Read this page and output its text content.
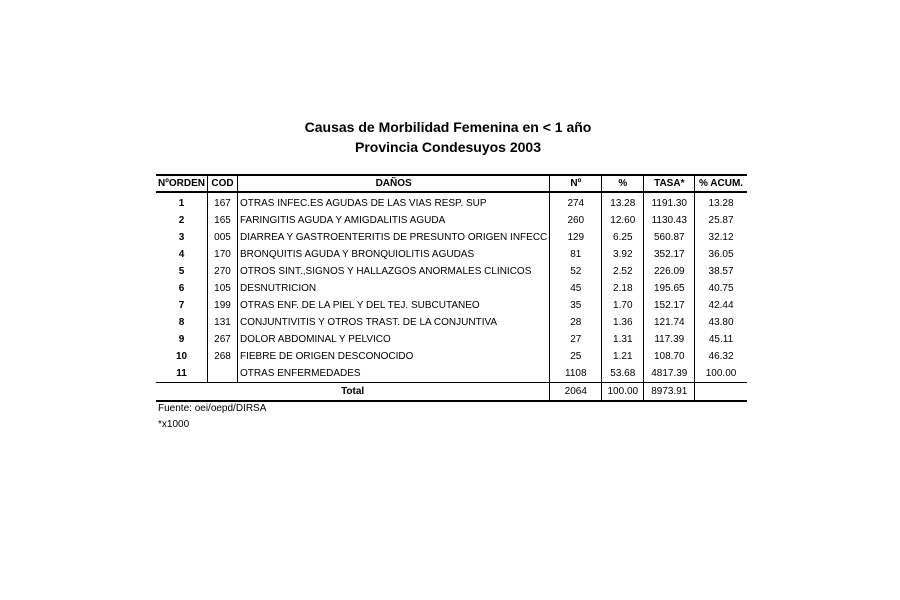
Causas de Morbilidad Femenina en < 1 año
Provincia Condesuyos 2003
NºORDEN	COD	DAÑOS	Nº	%	TASA*	% ACUM.
1	167	OTRAS INFEC.ES AGUDAS DE LAS VIAS RESP. SUP	274	13.28	1191.30	13.28
2	165	FARINGITIS AGUDA Y AMIGDALITIS AGUDA	260	12.60	1130.43	25.87
3	005	DIARREA Y GASTROENTERITIS DE PRESUNTO ORIGEN INFECC	129	6.25	560.87	32.12
4	170	BRONQUITIS AGUDA Y BRONQUIOLITIS AGUDAS	81	3.92	352.17	36.05
5	270	OTROS SINT.,SIGNOS Y HALLAZGOS ANORMALES CLINICOS	52	2.52	226.09	38.57
6	105	DESNUTRICION	45	2.18	195.65	40.75
7	199	OTRAS ENF. DE LA PIEL Y DEL TEJ. SUBCUTANEO	35	1.70	152.17	42.44
8	131	CONJUNTIVITIS Y OTROS TRAST. DE LA CONJUNTIVA	28	1.36	121.74	43.80
9	267	DOLOR ABDOMINAL Y PELVICO	27	1.31	117.39	45.11
10	268	FIEBRE DE ORIGEN DESCONOCIDO	25	1.21	108.70	46.32
11		OTRAS ENFERMEDADES	1108	53.68	4817.39	100.00
Total			2064	100.00	8973.91	
Fuente: oei/oepd/DIRSA
*x1000
